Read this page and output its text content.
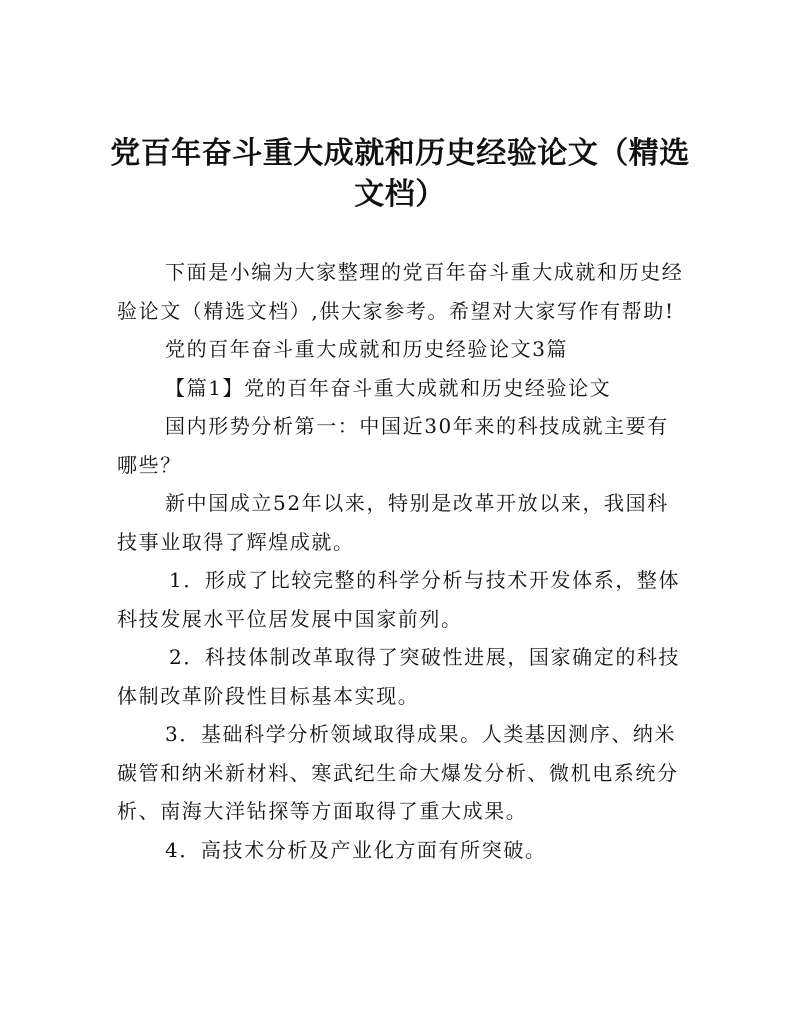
党百年奋斗重大成就和历史经验论文（精选文档）

下面是小编为大家整理的党百年奋斗重大成就和历史经验论文（精选文档）,供大家参考。希望对大家写作有帮助!

党的百年奋斗重大成就和历史经验论文3篇

【篇1】党的百年奋斗重大成就和历史经验论文

国内形势分析第一：中国近30年来的科技成就主要有哪些？

新中国成立52年以来，特别是改革开放以来，我国科技事业取得了辉煌成就。

1．形成了比较完整的科学分析与技术开发体系，整体科技发展水平位居发展中国家前列。

2．科技体制改革取得了突破性进展，国家确定的科技体制改革阶段性目标基本实现。

3．基础科学分析领域取得成果。人类基因测序、纳米碳管和纳米新材料、寒武纪生命大爆发分析、微机电系统分析、南海大洋钻探等方面取得了重大成果。

4．高技术分析及产业化方面有所突破。
